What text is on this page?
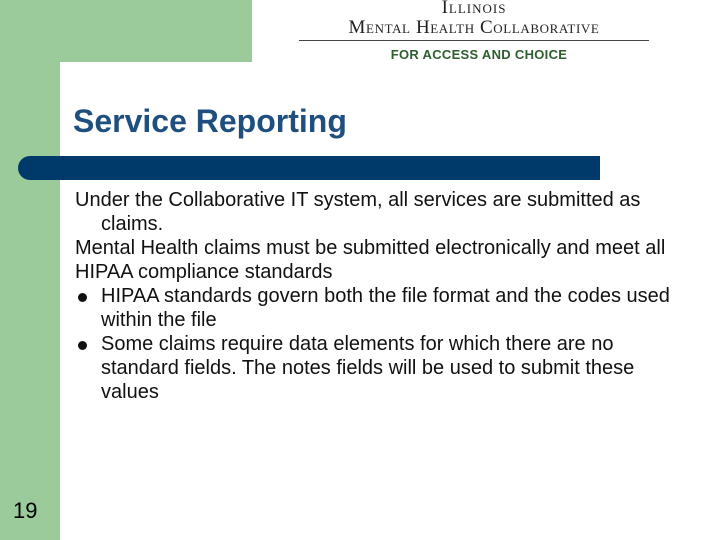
Illinois
Mental Health Collaborative
FOR ACCESS AND CHOICE
Service Reporting

Under the Collaborative IT system, all services are submitted as claims.

Mental Health claims must be submitted electronically and meet all HIPAA compliance standards

HIPAA standards govern both the file format and the codes used within the file
Some claims require data elements for which there are no standard fields. The notes fields will be used to submit these values
19
